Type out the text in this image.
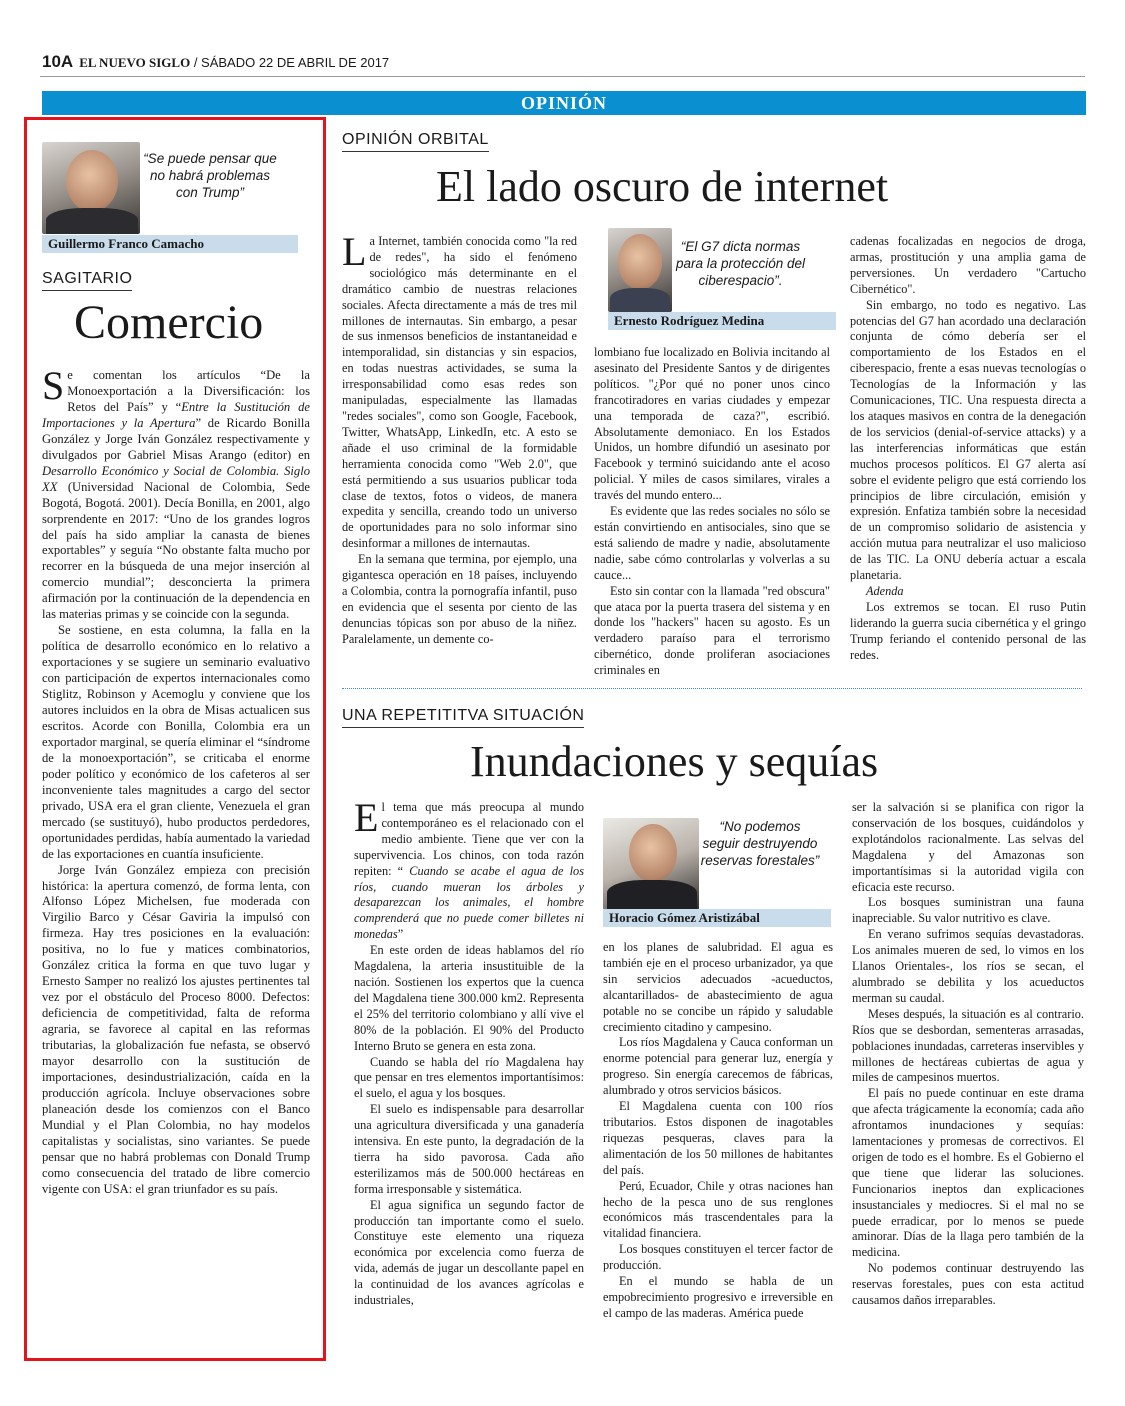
10A EL NUEVO SIGLO / SÁBADO 22 DE ABRIL DE 2017
OPINIÓN
“Se puede pensar que no habrá problemas con Trump”
Guillermo Franco Camacho
SAGITARIO
Comercio

Se comentan los artículos “De la Monoexportación a la Diversificación: los Retos del País” y “Entre la Sustitución de Importaciones y la Apertura” de Ricardo Bonilla González y Jorge Iván González respectivamente y divulgados por Gabriel Misas Arango (editor) en Desarrollo Económico y Social de Colombia. Siglo XX (Universidad Nacional de Colombia, Sede Bogotá, Bogotá. 2001). Decía Bonilla, en 2001, algo sorprendente en 2017: “Uno de los grandes logros del país ha sido ampliar la canasta de bienes exportables” y seguía “No obstante falta mucho por recorrer en la búsqueda de una mejor inserción al comercio mundial”; desconcierta la primera afirmación por la continuación de la dependencia en las materias primas y se coincide con la segunda.

Se sostiene, en esta columna, la falla en la política de desarrollo económico en lo relativo a exportaciones y se sugiere un seminario evaluativo con participación de expertos internacionales como Stiglitz, Robinson y Acemoglu y conviene que los autores incluidos en la obra de Misas actualicen sus escritos. Acorde con Bonilla, Colombia era un exportador marginal, se quería eliminar el “síndrome de la monoexportación”, se criticaba el enorme poder político y económico de los cafeteros al ser inconveniente tales magnitudes a cargo del sector privado, USA era el gran cliente, Venezuela el gran mercado (se sustituyó), hubo productos perdedores, oportunidades perdidas, había aumentado la variedad de las exportaciones en cuantía insuficiente.

Jorge Iván González empieza con precisión histórica: la apertura comenzó, de forma lenta, con Alfonso López Michelsen, fue moderada con Virgilio Barco y César Gaviria la impulsó con firmeza. Hay tres posiciones en la evaluación: positiva, no lo fue y matices combinatorios, González critica la forma en que tuvo lugar y Ernesto Samper no realizó los ajustes pertinentes tal vez por el obstáculo del Proceso 8000. Defectos: deficiencia de competitividad, falta de reforma agraria, se favorece al capital en las reformas tributarias, la globalización fue nefasta, se observó mayor desarrollo con la sustitución de importaciones, desindustrialización, caída en la producción agrícola. Incluye observaciones sobre planeación desde los comienzos con el Banco Mundial y el Plan Colombia, no hay modelos capitalistas y socialistas, sino variantes. Se puede pensar que no habrá problemas con Donald Trump como consecuencia del tratado de libre comercio vigente con USA: el gran triunfador es su país.

OPINIÓN ORBITAL
El lado oscuro de internet

La Internet, también conocida como "la red de redes", ha sido el fenómeno sociológico más determinante en el dramático cambio de nuestras relaciones sociales. Afecta directamente a más de tres mil millones de internautas. Sin embargo, a pesar de sus inmensos beneficios de instantaneidad e intemporalidad, sin distancias y sin espacios, en todas nuestras actividades, se suma la irresponsabilidad como esas redes son manipuladas, especialmente las llamadas "redes sociales", como son Google, Facebook, Twitter, WhatsApp, LinkedIn, etc. A esto se añade el uso criminal de la formidable herramienta conocida como "Web 2.0", que está permitiendo a sus usuarios publicar toda clase de textos, fotos o videos, de manera expedita y sencilla, creando todo un universo de oportunidades para no solo informar sino desinformar a millones de internautas.

En la semana que termina, por ejemplo, una gigantesca operación en 18 países, incluyendo a Colombia, contra la pornografía infantil, puso en evidencia que el sesenta por ciento de las denuncias tópicas son por abuso de la niñez. Paralelamente, un demente co-

“El G7 dicta normas para la protección del ciberespacio”.
Ernesto Rodríguez Medina

lombiano fue localizado en Bolivia incitando al asesinato del Presidente Santos y de dirigentes políticos. "¿Por qué no poner unos cinco francotiradores en varias ciudades y empezar una temporada de caza?", escribió. Absolutamente demoniaco. En los Estados Unidos, un hombre difundió un asesinato por Facebook y terminó suicidando ante el acoso policial. Y miles de casos similares, virales a través del mundo entero...

Es evidente que las redes sociales no sólo se están convirtiendo en antisociales, sino que se está saliendo de madre y nadie, absolutamente nadie, sabe cómo controlarlas y volverlas a su cauce...

Esto sin contar con la llamada "red obscura" que ataca por la puerta trasera del sistema y en donde los "hackers" hacen su agosto. Es un verdadero paraíso para el terrorismo cibernético, donde proliferan asociaciones criminales en

cadenas focalizadas en negocios de droga, armas, prostitución y una amplia gama de perversiones. Un verdadero "Cartucho Cibernético".

Sin embargo, no todo es negativo. Las potencias del G7 han acordado una declaración conjunta de cómo debería ser el comportamiento de los Estados en el ciberespacio, frente a esas nuevas tecnologías o Tecnologías de la Información y las Comunicaciones, TIC. Una respuesta directa a los ataques masivos en contra de la denegación de los servicios (denial-of-service attacks) y a las interferencias informáticas que están muchos procesos políticos. El G7 alerta así sobre el evidente peligro que está corriendo los principios de libre circulación, emisión y expresión. Enfatiza también sobre la necesidad de un compromiso solidario de asistencia y acción mutua para neutralizar el uso malicioso de las TIC. La ONU debería actuar a escala planetaria.

Adenda

Los extremos se tocan. El ruso Putin liderando la guerra sucia cibernética y el gringo Trump feriando el contenido personal de las redes.

UNA REPETITITVA SITUACIÓN
Inundaciones y sequías

El tema que más preocupa al mundo contemporáneo es el relacionado con el medio ambiente. Tiene que ver con la supervivencia. Los chinos, con toda razón repiten: “ Cuando se acabe el agua de los ríos, cuando mueran los árboles y desaparezcan los animales, el hombre comprenderá que no puede comer billetes ni monedas”

En este orden de ideas hablamos del río Magdalena, la arteria insustituible de la nación. Sostienen los expertos que la cuenca del Magdalena tiene 300.000 km2. Representa el 25% del territorio colombiano y allí vive el 80% de la población. El 90% del Producto Interno Bruto se genera en esta zona.

Cuando se habla del río Magdalena hay que pensar en tres elementos importantísimos: el suelo, el agua y los bosques.

El suelo es indispensable para desarrollar una agricultura diversificada y una ganadería intensiva. En este punto, la degradación de la tierra ha sido pavorosa. Cada año esterilizamos más de 500.000 hectáreas en forma irresponsable y sistemática.

El agua significa un segundo factor de producción tan importante como el suelo. Constituye este elemento una riqueza económica por excelencia como fuerza de vida, además de jugar un descollante papel en la continuidad de los avances agrícolas e industriales,

“No podemos seguir destruyendo reservas forestales”
Horacio Gómez Aristizábal

en los planes de salubridad. El agua es también eje en el proceso urbanizador, ya que sin servicios adecuados -acueductos, alcantarillados- de abastecimiento de agua potable no se concibe un rápido y saludable crecimiento citadino y campesino.

Los ríos Magdalena y Cauca conforman un enorme potencial para generar luz, energía y progreso. Sin energía carecemos de fábricas, alumbrado y otros servicios básicos.

El Magdalena cuenta con 100 ríos tributarios. Estos disponen de inagotables riquezas pesqueras, claves para la alimentación de los 50 millones de habitantes del país.

Perú, Ecuador, Chile y otras naciones han hecho de la pesca uno de sus renglones económicos más trascendentales para la vitalidad financiera.

Los bosques constituyen el tercer factor de producción.

En el mundo se habla de un empobrecimiento progresivo e irreversible en el campo de las maderas. América puede

ser la salvación si se planifica con rigor la conservación de los bosques, cuidándolos y explotándolos racionalmente. Las selvas del Magdalena y del Amazonas son importantísimas si la autoridad vigila con eficacia este recurso.

Los bosques suministran una fauna inapreciable. Su valor nutritivo es clave.

En verano sufrimos sequías devastadoras. Los animales mueren de sed, lo vimos en los Llanos Orientales-, los ríos se secan, el alumbrado se debilita y los acueductos merman su caudal.

Meses después, la situación es al contrario. Ríos que se desbordan, sementeras arrasadas, poblaciones inundadas, carreteras inservibles y millones de hectáreas cubiertas de agua y miles de campesinos muertos.

El país no puede continuar en este drama que afecta trágicamente la economía; cada año afrontamos inundaciones y sequías: lamentaciones y promesas de correctivos. El origen de todo es el hombre. Es el Gobierno el que tiene que liderar las soluciones. Funcionarios ineptos dan explicaciones insustanciales y mediocres. Si el mal no se puede erradicar, por lo menos se puede aminorar. Días de la llaga pero también de la medicina.

No podemos continuar destruyendo las reservas forestales, pues con esta actitud causamos daños irreparables.
